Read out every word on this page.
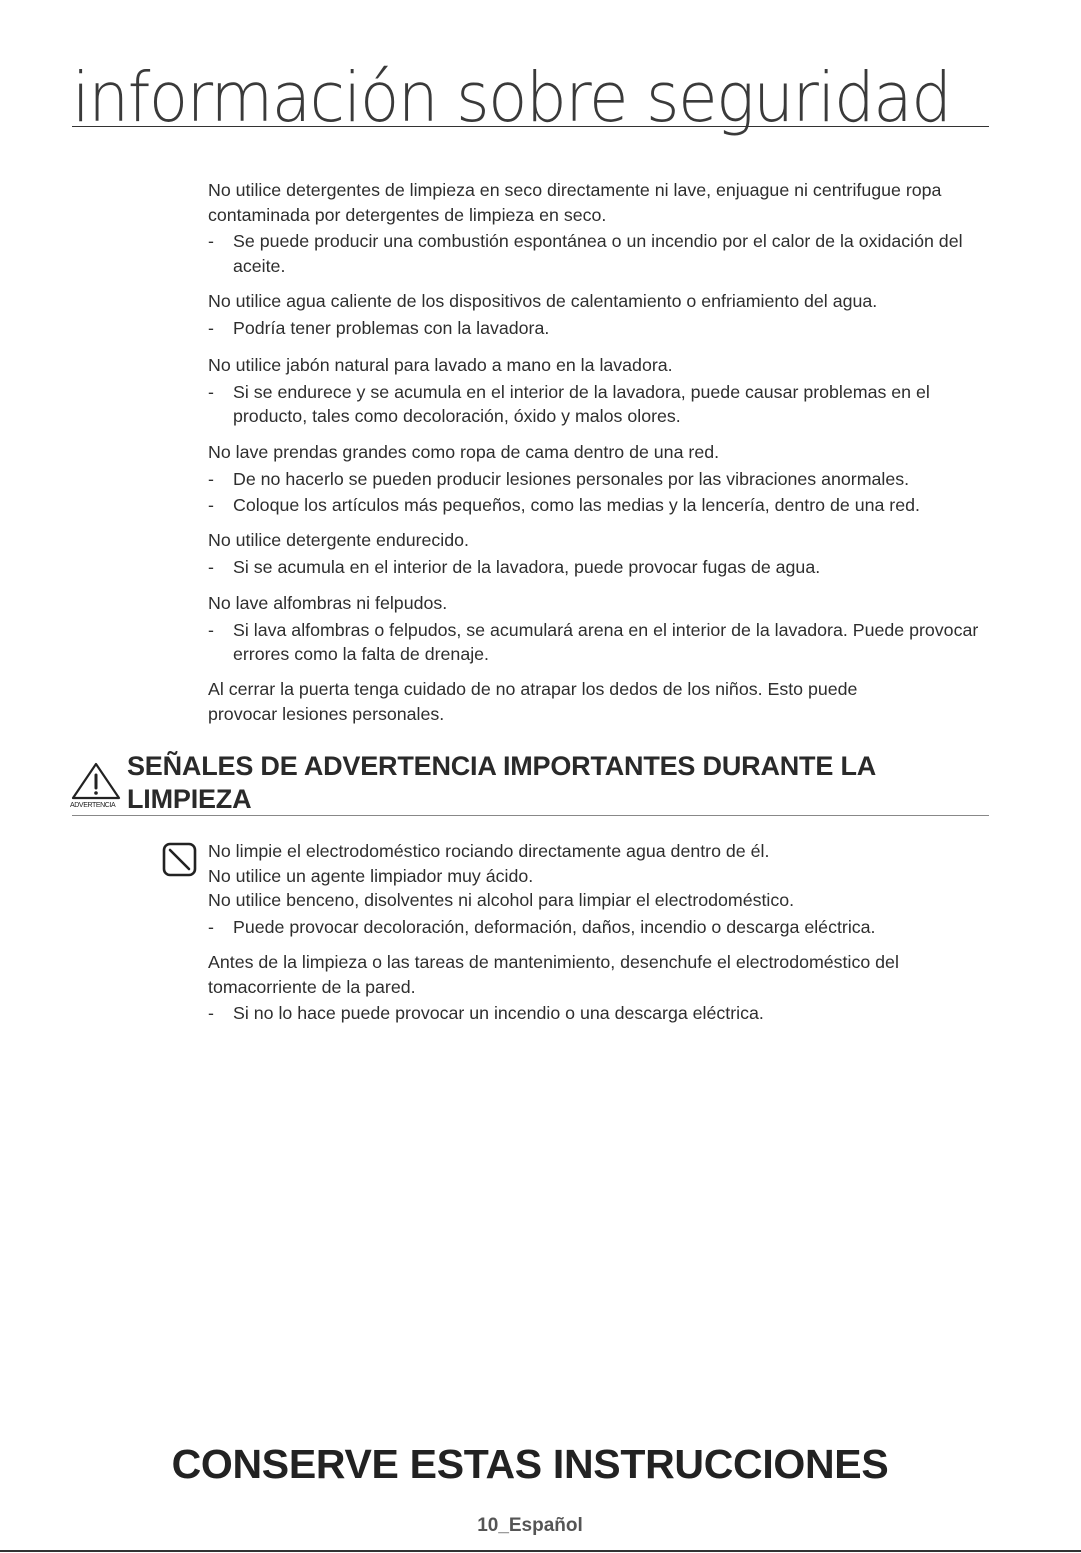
información sobre seguridad

No utilice detergentes de limpieza en seco directamente ni lave, enjuague ni centrifugue ropa contaminada por detergentes de limpieza en seco.

- Se puede producir una combustión espontánea o un incendio por el calor de la oxidación del aceite.

No utilice agua caliente de los dispositivos de calentamiento o enfriamiento del agua.

- Podría tener problemas con la lavadora.

No utilice jabón natural para lavado a mano en la lavadora.

- Si se endurece y se acumula en el interior de la lavadora, puede causar problemas en el producto, tales como decoloración, óxido y malos olores.

No lave prendas grandes como ropa de cama dentro de una red.

- De no hacerlo se pueden producir lesiones personales por las vibraciones anormales.

- Coloque los artículos más pequeños, como las medias y la lencería, dentro de una red.

No utilice detergente endurecido.

- Si se acumula en el interior de la lavadora, puede provocar fugas de agua.

No lave alfombras ni felpudos.

- Si lava alfombras o felpudos, se acumulará arena en el interior de la lavadora. Puede provocar errores como la falta de drenaje.

Al cerrar la puerta tenga cuidado de no atrapar los dedos de los niños. Esto puede provocar lesiones personales.

ADVERTENCIA
SEÑALES DE ADVERTENCIA IMPORTANTES DURANTE LA
LIMPIEZA

No limpie el electrodoméstico rociando directamente agua dentro de él.

No utilice un agente limpiador muy ácido.

No utilice benceno, disolventes ni alcohol para limpiar el electrodoméstico.

- Puede provocar decoloración, deformación, daños, incendio o descarga eléctrica.

Antes de la limpieza o las tareas de mantenimiento, desenchufe el electrodoméstico del tomacorriente de la pared.

- Si no lo hace puede provocar un incendio o una descarga eléctrica.

CONSERVE ESTAS INSTRUCCIONES
10_Español
